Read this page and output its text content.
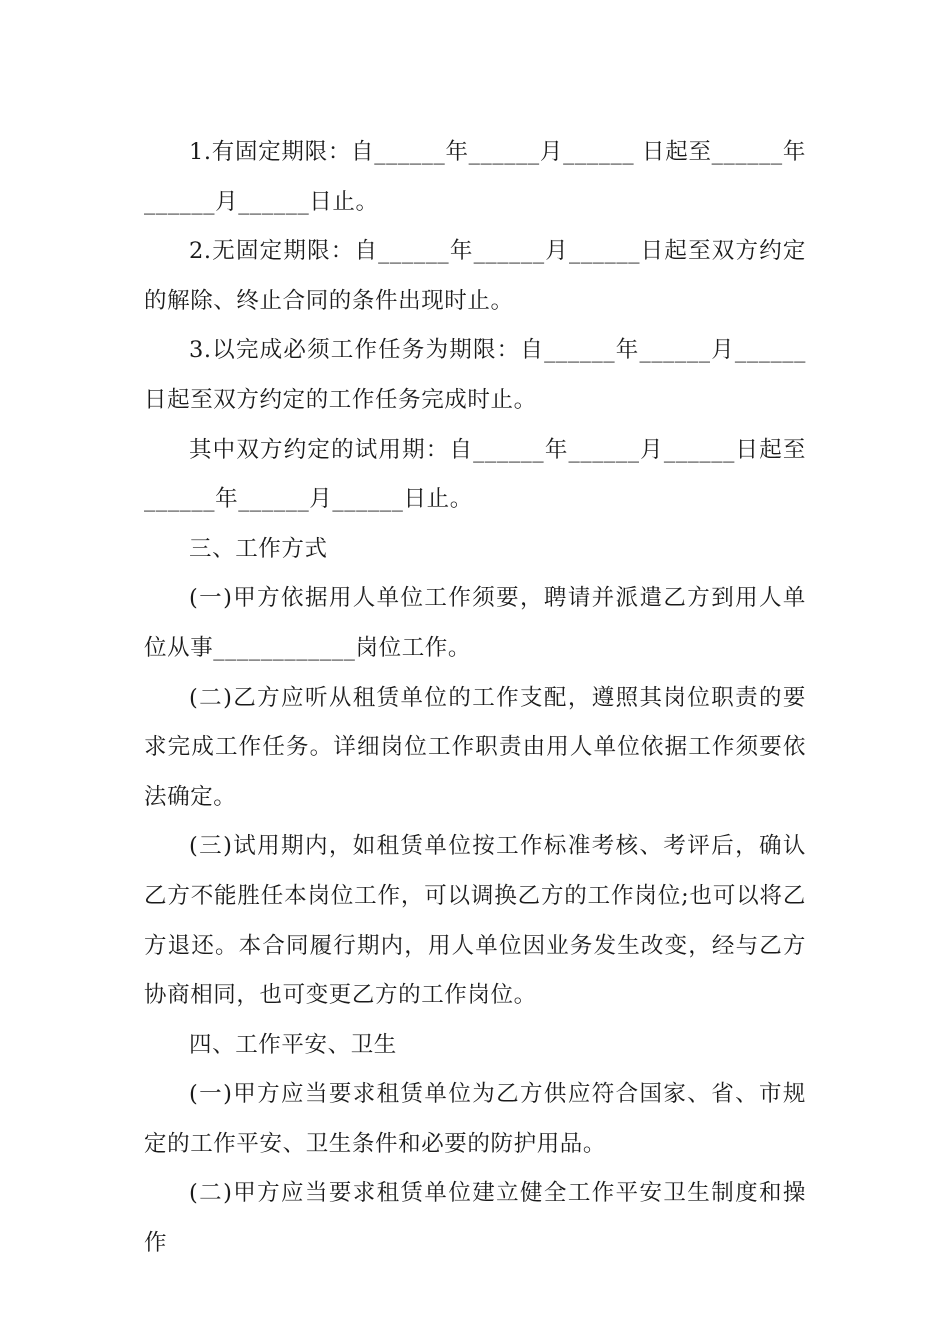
1.有固定期限：自______年______月______ 日起至______年______月______日止。

2.无固定期限：自______年______月______日起至双方约定的解除、终止合同的条件出现时止。

3.以完成必须工作任务为期限：自______年______月______日起至双方约定的工作任务完成时止。

其中双方约定的试用期：自______年______月______日起至______年______月______日止。

三、工作方式

(一)甲方依据用人单位工作须要，聘请并派遣乙方到用人单位从事____________岗位工作。

(二)乙方应听从租赁单位的工作支配，遵照其岗位职责的要求完成工作任务。详细岗位工作职责由用人单位依据工作须要依法确定。

(三)试用期内，如租赁单位按工作标准考核、考评后，确认乙方不能胜任本岗位工作，可以调换乙方的工作岗位;也可以将乙方退还。本合同履行期内，用人单位因业务发生改变，经与乙方协商相同，也可变更乙方的工作岗位。

四、工作平安、卫生

(一)甲方应当要求租赁单位为乙方供应符合国家、省、市规定的工作平安、卫生条件和必要的防护用品。

(二)甲方应当要求租赁单位建立健全工作平安卫生制度和操作
